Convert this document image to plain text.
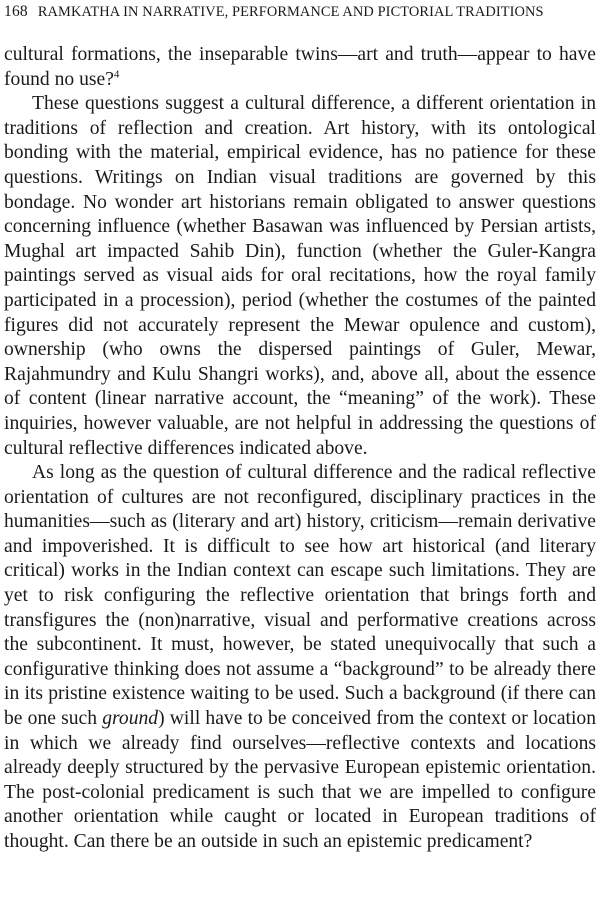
168 RAMKATHA IN NARRATIVE, PERFORMANCE AND PICTORIAL TRADITIONS

cultural formations, the inseparable twins—art and truth—appear to have found no use?$^4$

These questions suggest a cultural difference, a different orientation in traditions of reflection and creation. Art history, with its ontological bonding with the material, empirical evidence, has no patience for these questions. Writings on Indian visual traditions are governed by this bondage. No wonder art historians remain obligated to answer questions concerning influence (whether Basawan was influenced by Persian artists, Mughal art impacted Sahib Din), function (whether the Guler-Kangra paintings served as visual aids for oral recitations, how the royal family participated in a procession), period (whether the costumes of the painted figures did not accurately represent the Mewar opulence and custom), ownership (who owns the dispersed paintings of Guler, Mewar, Rajahmundry and Kulu Shangri works), and, above all, about the essence of content (linear narrative account, the “meaning” of the work). These inquiries, however valuable, are not helpful in addressing the questions of cultural reflective differences indicated above.

As long as the question of cultural difference and the radical reflective orientation of cultures are not reconfigured, disciplinary practices in the humanities—such as (literary and art) history, criticism—remain derivative and impoverished. It is difficult to see how art historical (and literary critical) works in the Indian context can escape such limitations. They are yet to risk configuring the reflective orientation that brings forth and transfigures the (non)narrative, visual and performative creations across the subcontinent. It must, however, be stated unequivocally that such a configurative thinking does not assume a “background” to be already there in its pristine existence waiting to be used. Such a background (if there can be one such ground) will have to be conceived from the context or location in which we already find ourselves—reflective contexts and locations already deeply structured by the pervasive European epistemic orientation. The post-colonial predicament is such that we are impelled to configure another orientation while caught or located in European traditions of thought. Can there be an outside in such an epistemic predicament?
